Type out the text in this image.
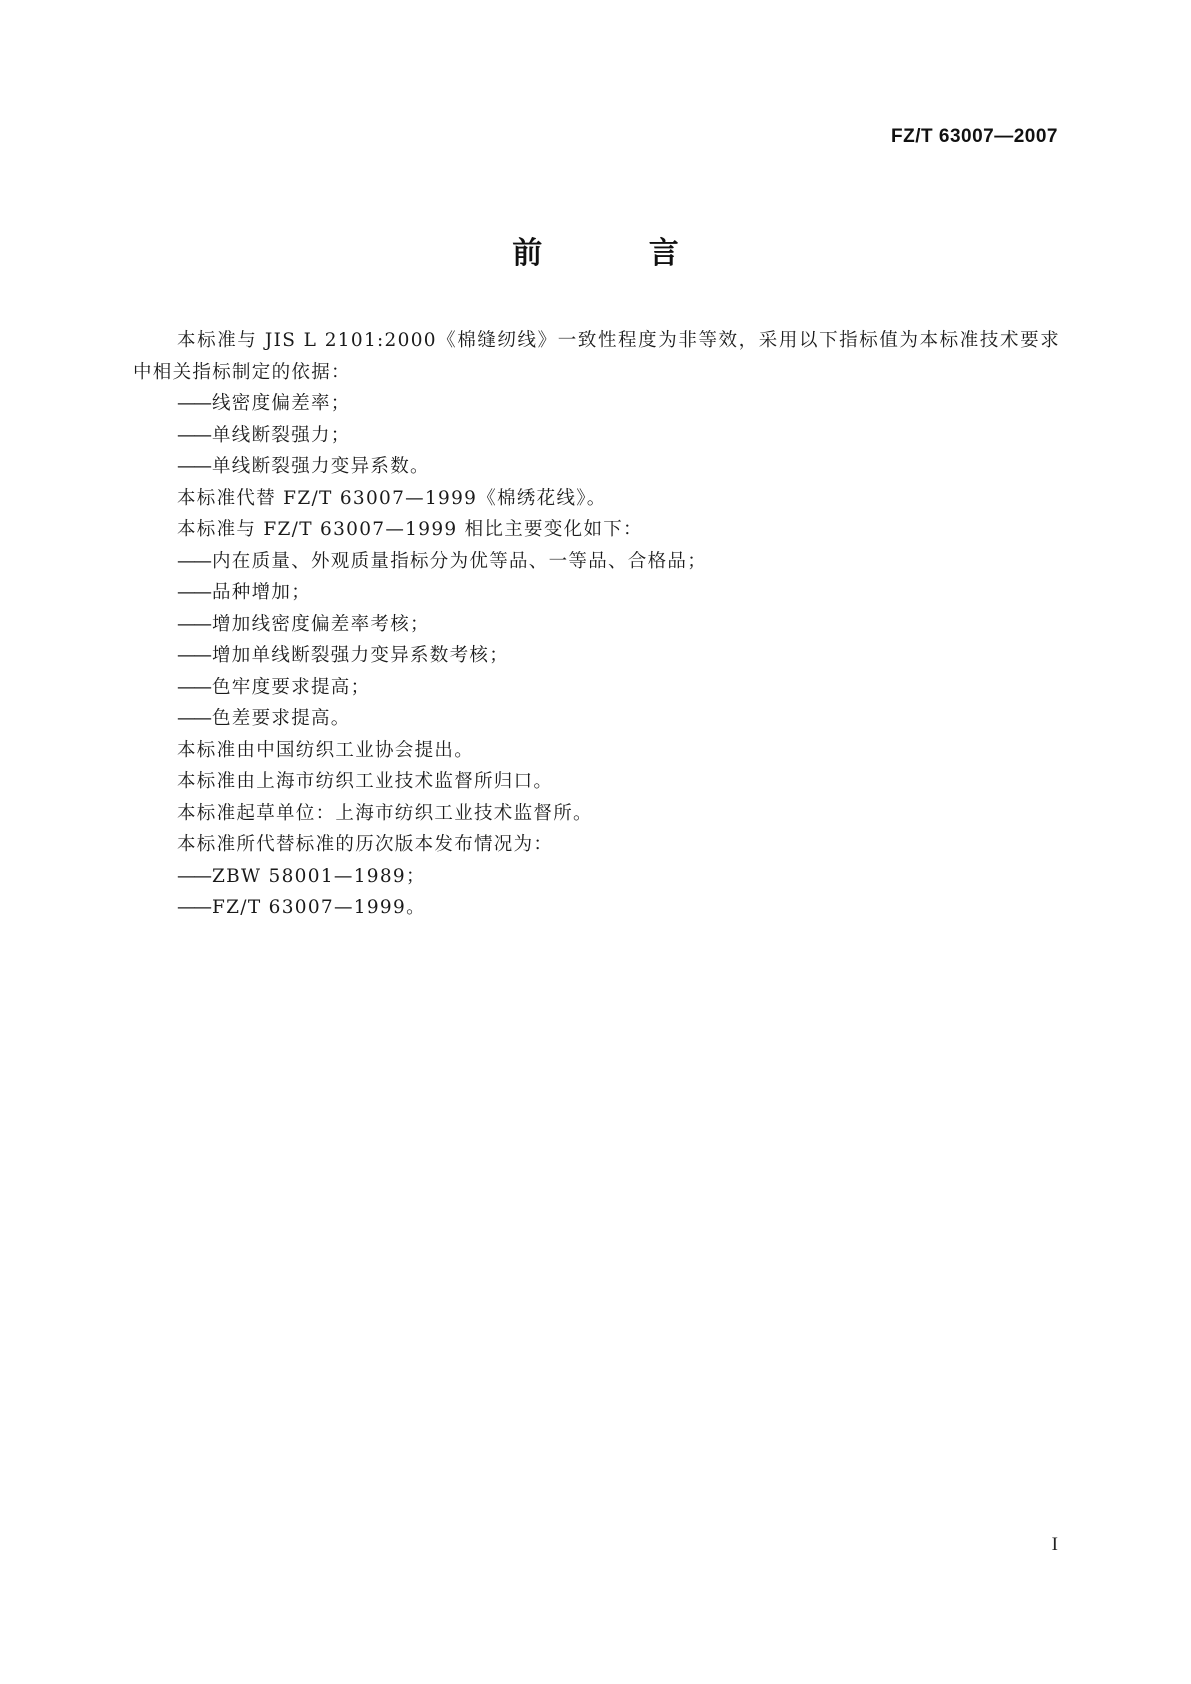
FZ/T 63007—2007
前 言

本标准与 JIS L 2101:2000《棉缝纫线》一致性程度为非等效，采用以下指标值为本标准技术要求中相关指标制定的依据：

—— 线密度偏差率；

—— 单线断裂强力；

—— 单线断裂强力变异系数。

本标准代替 FZ/T 63007—1999《棉绣花线》。

本标准与 FZ/T 63007—1999 相比主要变化如下：

—— 内在质量、外观质量指标分为优等品、一等品、合格品；

—— 品种增加；

—— 增加线密度偏差率考核；

—— 增加单线断裂强力变异系数考核；

—— 色牢度要求提高；

—— 色差要求提高。

本标准由中国纺织工业协会提出。

本标准由上海市纺织工业技术监督所归口。

本标准起草单位：上海市纺织工业技术监督所。

本标准所代替标准的历次版本发布情况为：

—— ZBW 58001—1989；

—— FZ/T 63007—1999。

I
